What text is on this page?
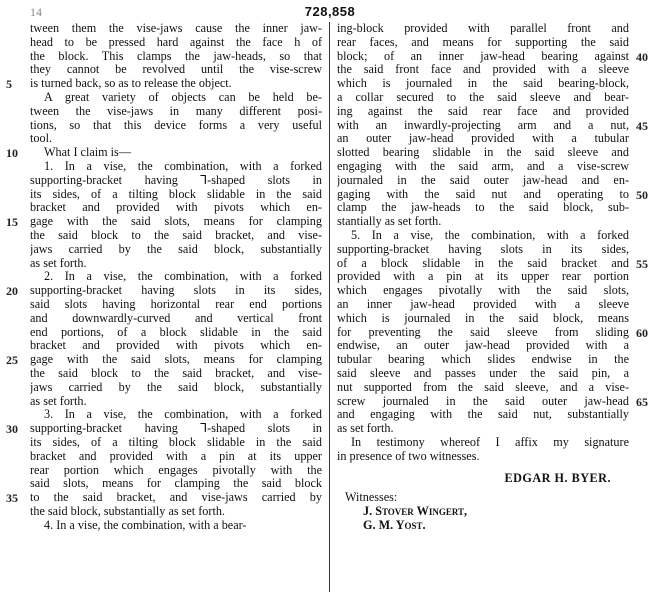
14	728,858
tween them the vise-jaws cause the inner jaw-
head to be pressed hard against the face h of
the block. This clamps the jaw-heads, so that
they cannot be revolved until the vise-screw
is turned back, so as to release the object.
A great variety of objects can be held be-
tween the vise-jaws in many different posi-
tions, so that this device forms a very useful
tool.
What I claim is—
1. In a vise, the combination, with a forked
supporting-bracket having ⅂-shaped slots in
its sides, of a tilting block slidable in the said
bracket and provided with pivots which en-
gage with the said slots, means for clamping
the said block to the said bracket, and vise-
jaws carried by the said block, substantially
as set forth.
2. In a vise, the combination, with a forked
supporting-bracket having slots in its sides,
said slots having horizontal rear end portions
and downwardly-curved and vertical front
end portions, of a block slidable in the said
bracket and provided with pivots which en-
gage with the said slots, means for clamping
the said block to the said bracket, and vise-
jaws carried by the said block, substantially
as set forth.
3. In a vise, the combination, with a forked
supporting-bracket having ⅂-shaped slots in
its sides, of a tilting block slidable in the said
bracket and provided with a pin at its upper
rear portion which engages pivotally with the
said slots, means for clamping the said block
to the said bracket, and vise-jaws carried by
the said block, substantially as set forth.
4. In a vise, the combination, with a bear-
ing-block provided with parallel front and
rear faces, and means for supporting the said
block; of an inner jaw-head bearing against
the said front face and provided with a sleeve
which is journaled in the said bearing-block,
a collar secured to the said sleeve and bear-
ing against the said rear face and provided
with an inwardly-projecting arm and a nut,
an outer jaw-head provided with a tubular
slotted bearing slidable in the said sleeve and
engaging with the said arm, and a vise-screw
journaled in the said outer jaw-head and en-
gaging with the said nut and operating to
clamp the jaw-heads to the said block, sub-
stantially as set forth.
5. In a vise, the combination, with a forked
supporting-bracket having slots in its sides,
of a block slidable in the said bracket and
provided with a pin at its upper rear portion
which engages pivotally with the said slots,
an inner jaw-head provided with a sleeve
which is journaled in the said block, means
for preventing the said sleeve from sliding
endwise, an outer jaw-head provided with a
tubular bearing which slides endwise in the
said sleeve and passes under the said pin, a
nut supported from the said sleeve, and a vise-
screw journaled in the said outer jaw-head
and engaging with the said nut, substantially
as set forth.
In testimony whereof I affix my signature
in presence of two witnesses.
EDGAR H. BYER.
Witnesses:
J. Stover Wingert,
G. M. Yost.
5
10
15
20
25
30
35
40
45
50
55
60
65
